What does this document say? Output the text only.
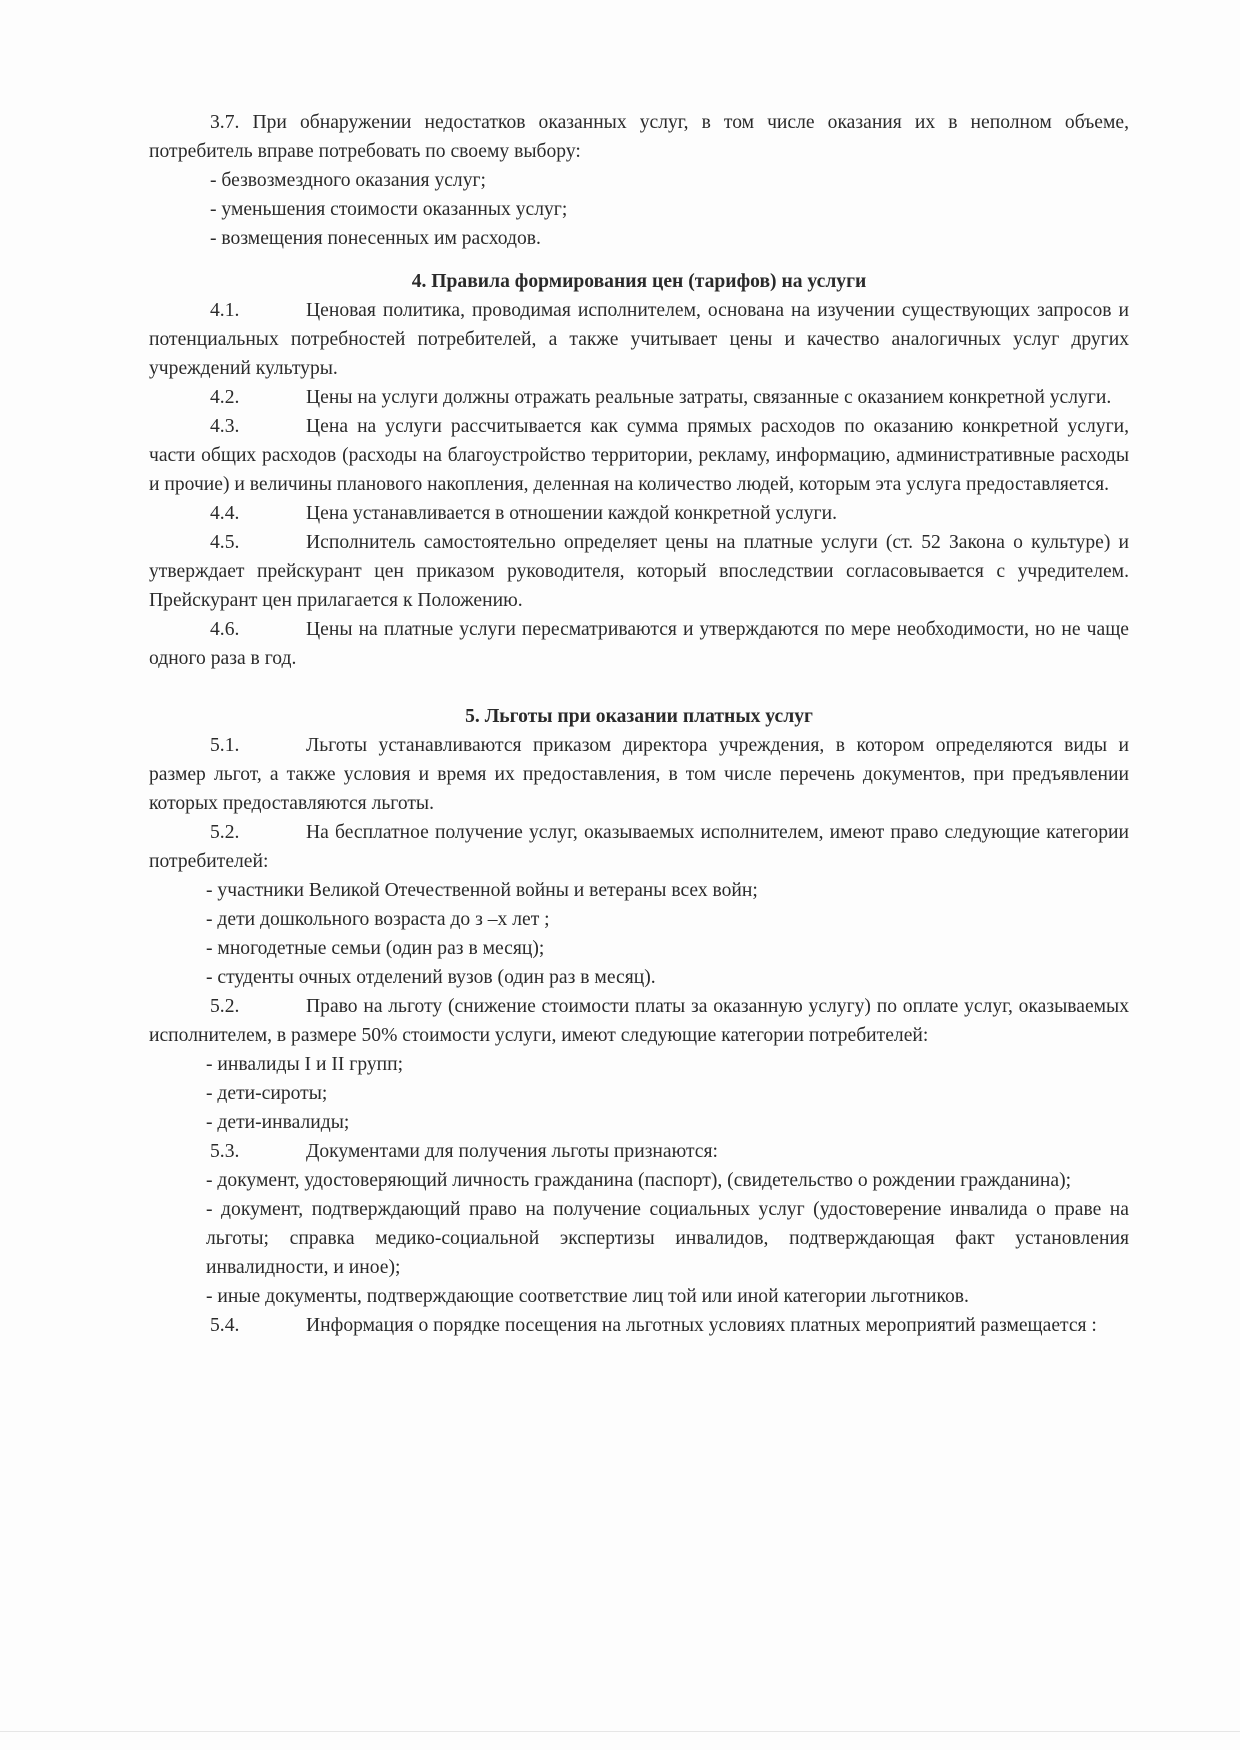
3.7. При обнаружении недостатков оказанных услуг, в том числе оказания их в неполном объеме, потребитель вправе потребовать по своему выбору:

- безвозмездного оказания услуг;

- уменьшения стоимости оказанных услуг;

- возмещения понесенных им расходов.

4. Правила формирования цен (тарифов) на услуги

4.1.	Ценовая политика, проводимая исполнителем, основана на изучении существующих запросов и потенциальных потребностей потребителей, а также учитывает цены и качество аналогичных услуг других учреждений культуры.

4.2.	Цены на услуги должны отражать реальные затраты, связанные с оказанием конкретной услуги.

4.3.	Цена на услуги рассчитывается как сумма прямых расходов по оказанию конкретной услуги, части общих расходов (расходы на благоустройство территории, рекламу, информацию, административные расходы и прочие) и величины планового накопления, деленная на количество людей, которым эта услуга предоставляется.

4.4.	Цена устанавливается в отношении каждой конкретной услуги.

4.5.	Исполнитель самостоятельно определяет цены на платные услуги (ст. 52 Закона о культуре) и утверждает прейскурант цен приказом руководителя, который впоследствии согласовывается с учредителем. Прейскурант цен прилагается к Положению.

4.6.	Цены на платные услуги пересматриваются и утверждаются по мере необходимости, но не чаще одного раза в год.

5. Льготы при оказании платных услуг

5.1.	Льготы устанавливаются приказом директора учреждения, в котором определяются виды и размер льгот, а также условия и время их предоставления, в том числе перечень документов, при предъявлении которых предоставляются льготы.

5.2.	На бесплатное получение услуг, оказываемых исполнителем, имеют право следующие категории потребителей:

- участники Великой Отечественной войны и ветераны всех войн;

- дети дошкольного возраста до з –х лет ;

- многодетные семьи (один раз в месяц);

- студенты очных отделений вузов (один раз в месяц).

5.2.	Право на льготу (снижение стоимости платы за оказанную услугу) по оплате услуг, оказываемых исполнителем, в размере 50% стоимости услуги, имеют следующие категории потребителей:

- инвалиды I и II групп;

- дети-сироты;

- дети-инвалиды;

5.3.	Документами для получения льготы признаются:

- документ, удостоверяющий личность гражданина (паспорт), (свидетельство о рождении гражданина);

- документ, подтверждающий право на получение социальных услуг (удостоверение инвалида о праве на льготы; справка медико-социальной экспертизы инвалидов, подтверждающая факт установления инвалидности, и иное);

- иные документы, подтверждающие соответствие лиц той или иной категории льготников.

5.4.	Информация о порядке посещения на льготных условиях платных мероприятий размещается :
